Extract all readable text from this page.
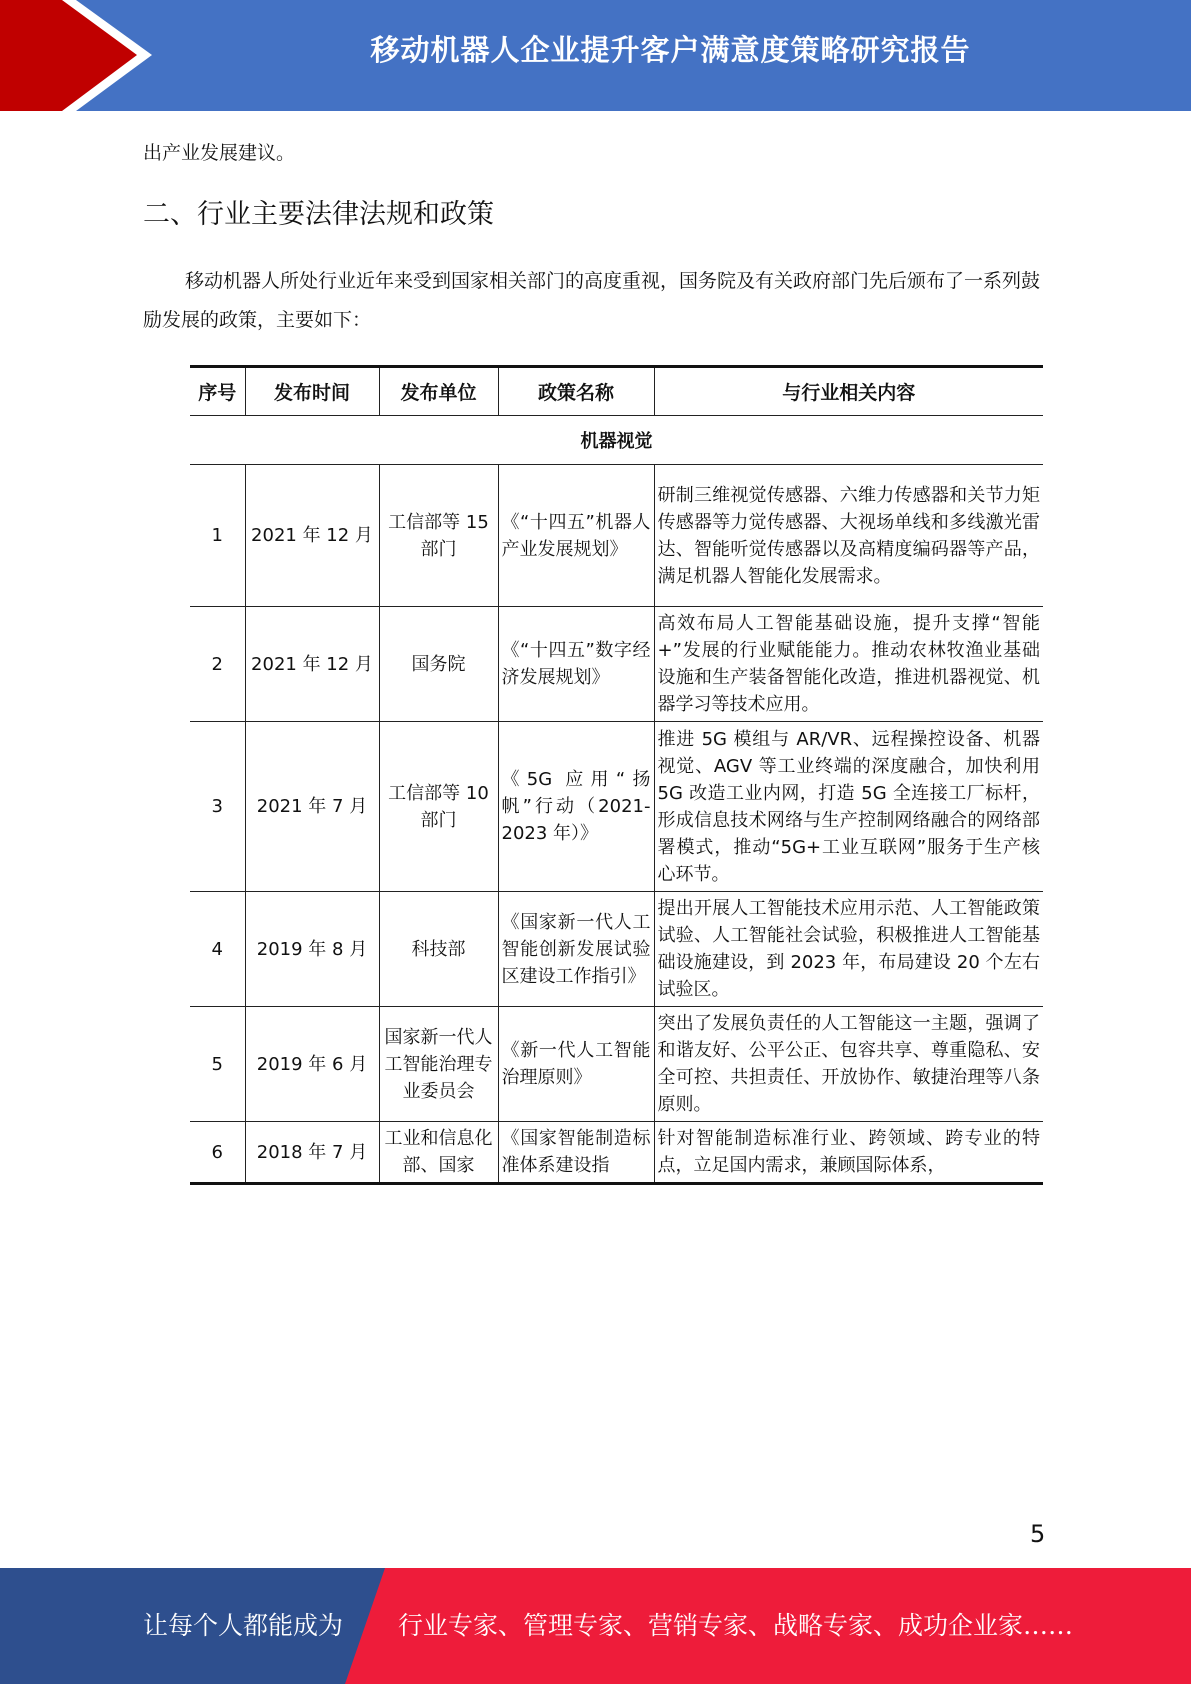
移动机器人企业提升客户满意度策略研究报告
出产业发展建议。
二、行业主要法律法规和政策

移动机器人所处行业近年来受到国家相关部门的高度重视，国务院及有关政府部门先后颁布了一系列鼓励发展的政策，主要如下：

序号	发布时间	发布单位	政策名称	与行业相关内容
机器视觉				
1	2021 年 12 月	工信部等 15 部门	《“十四五”机器人产业发展规划》	研制三维视觉传感器、六维力传感器和关节力矩传感器等力觉传感器、大视场单线和多线激光雷达、智能听觉传感器以及高精度编码器等产品，满足机器人智能化发展需求。
2	2021 年 12 月	国务院	《“十四五”数字经济发展规划》	高效布局人工智能基础设施，提升支撑“智能+”发展的行业赋能能力。推动农林牧渔业基础设施和生产装备智能化改造，推进机器视觉、机器学习等技术应用。
3	2021 年 7 月	工信部等 10 部门	《5G 应用“扬帆”行动（2021-2023 年）》	推进 5G 模组与 AR/VR、远程操控设备、机器视觉、AGV 等工业终端的深度融合，加快利用 5G 改造工业内网，打造 5G 全连接工厂标杆，形成信息技术网络与生产控制网络融合的网络部署模式，推动“5G+工业互联网”服务于生产核心环节。
4	2019 年 8 月	科技部	《国家新一代人工智能创新发展试验区建设工作指引》	提出开展人工智能技术应用示范、人工智能政策试验、人工智能社会试验，积极推进人工智能基础设施建设，到 2023 年，布局建设 20 个左右试验区。
5	2019 年 6 月	国家新一代人工智能治理专业委员会	《新一代人工智能治理原则》	突出了发展负责任的人工智能这一主题，强调了和谐友好、公平公正、包容共享、尊重隐私、安全可控、共担责任、开放协作、敏捷治理等八条原则。
6	2018 年 7 月	工业和信息化部、国家	《国家智能制造标准体系建设指	针对智能制造标准行业、跨领域、跨专业的特点，立足国内需求，兼顾国际体系，
5
让每个人都能成为 行业专家、管理专家、营销专家、战略专家、成功企业家……
